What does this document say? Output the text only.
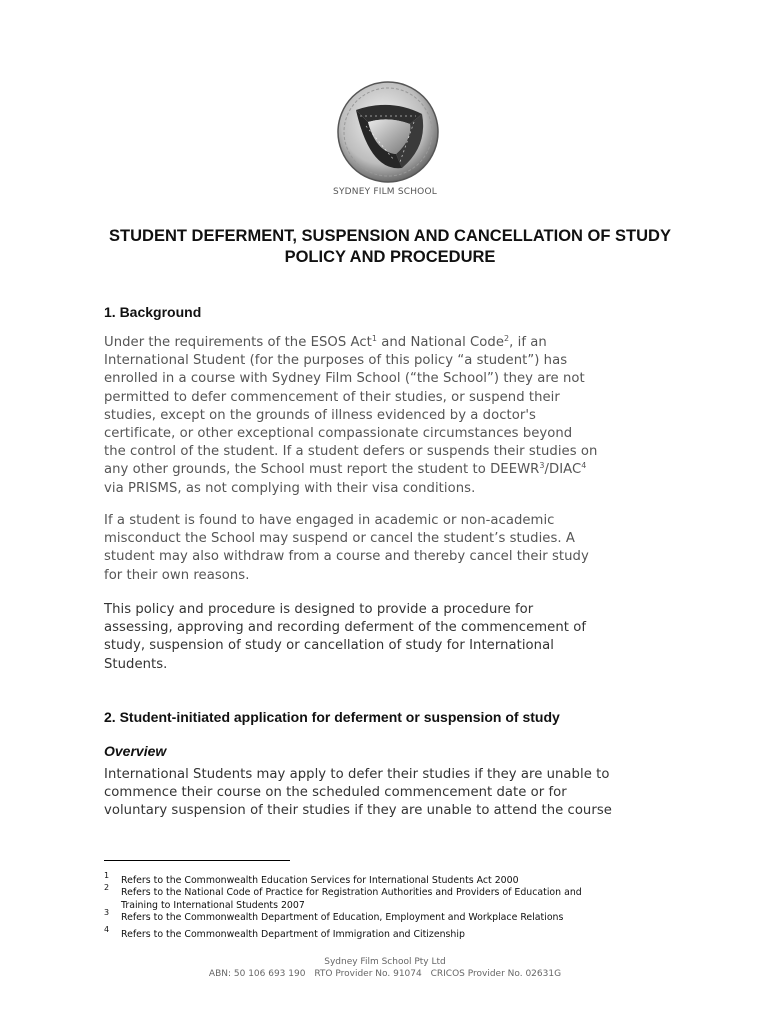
SYDNEY FILM SCHOOL
STUDENT DEFERMENT, SUSPENSION AND CANCELLATION OF STUDY
POLICY AND PROCEDURE
1. Background

Under the requirements of the ESOS Act$^1$ and National Code$^2$, if an
International Student (for the purposes of this policy “a student”) has
enrolled in a course with Sydney Film School (“the School”) they are not
permitted to defer commencement of their studies, or suspend their
studies, except on the grounds of illness evidenced by a doctor's
certificate, or other exceptional compassionate circumstances beyond
the control of the student. If a student defers or suspends their studies on
any other grounds, the School must report the student to DEEWR$^3$/DIAC$^4$
via PRISMS, as not complying with their visa conditions.

If a student is found to have engaged in academic or non-academic
misconduct the School may suspend or cancel the student’s studies. A
student may also withdraw from a course and thereby cancel their study
for their own reasons.

This policy and procedure is designed to provide a procedure for
assessing, approving and recording deferment of the commencement of
study, suspension of study or cancellation of study for International
Students.

2. Student-initiated application for deferment or suspension of study
Overview

International Students may apply to defer their studies if they are unable to
commence their course on the scheduled commencement date or for
voluntary suspension of their studies if they are unable to attend the course

1 Refers to the Commonwealth Education Services for International Students Act 2000
2 Refers to the National Code of Practice for Registration Authorities and Providers of Education and
Training to International Students 2007
3 Refers to the Commonwealth Department of Education, Employment and Workplace Relations
4 Refers to the Commonwealth Department of Immigration and Citizenship
Sydney Film School Pty Ltd
ABN: 50 106 693 190 RTO Provider No. 91074 CRICOS Provider No. 02631G
